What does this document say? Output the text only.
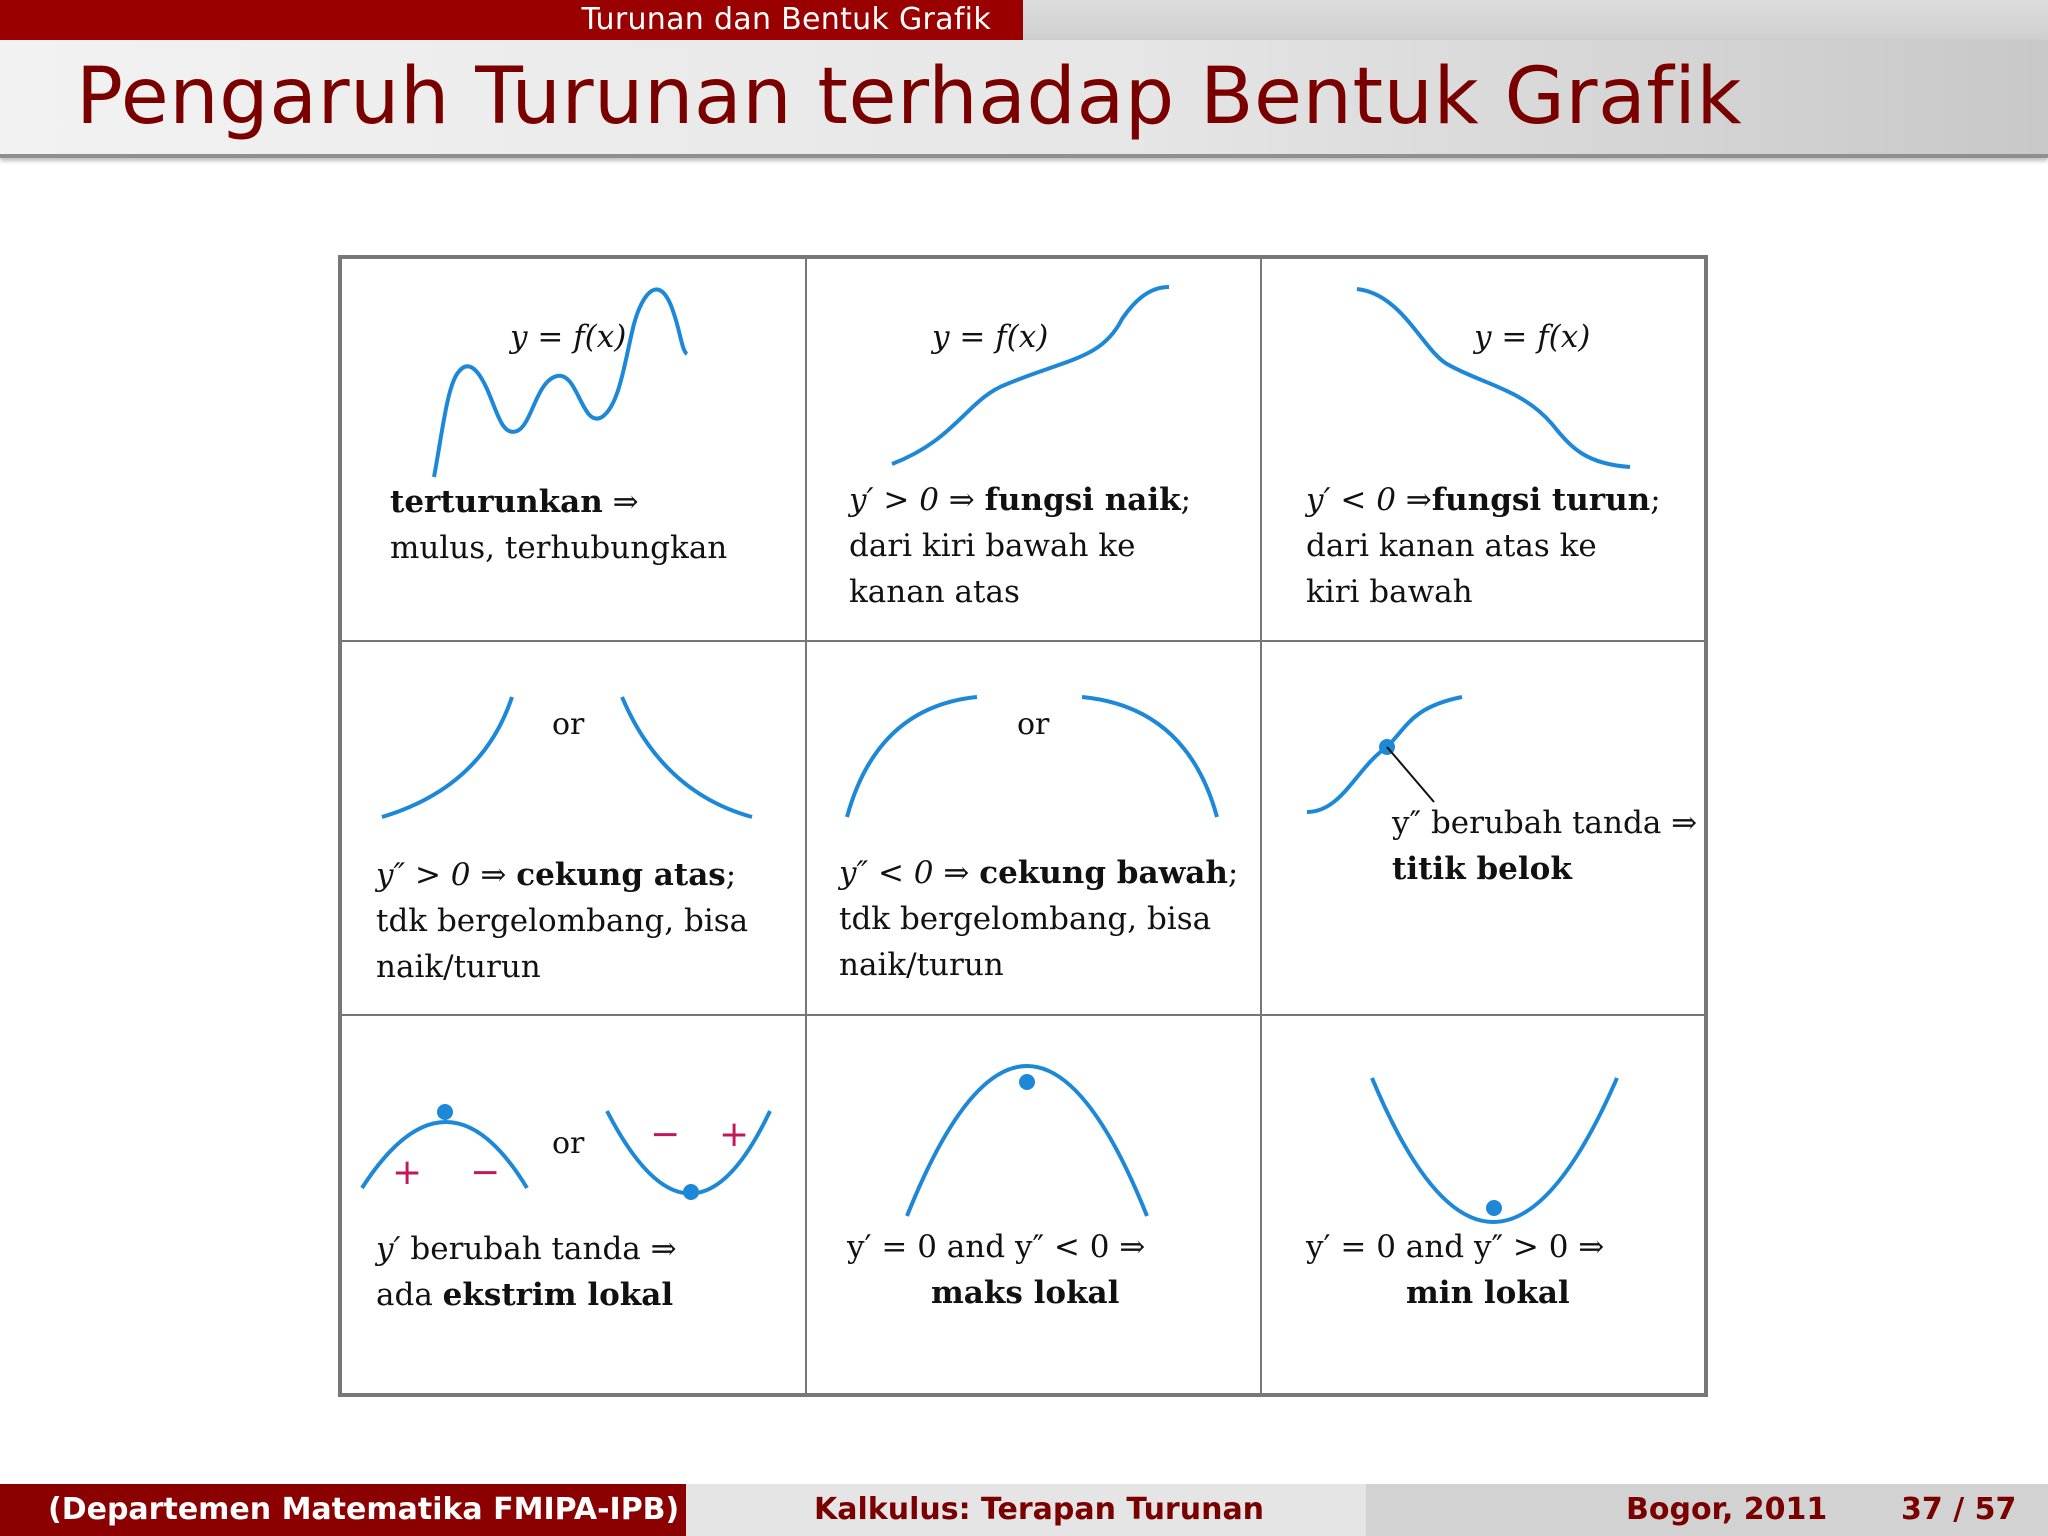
Turunan dan Bentuk Grafik
Pengaruh Turunan terhadap Bentuk Grafik
y = f(x)
terturunkan ⇒
mulus, terhubungkan
y = f(x)
y′ > 0 ⇒ fungsi naik;
dari kiri bawah ke
kanan atas
y = f(x)
y′ < 0 ⇒fungsi turun;
dari kanan atas ke
kiri bawah
or
y″ > 0 ⇒ cekung atas;
tdk bergelombang, bisa
naik/turun
or
y″ < 0 ⇒ cekung bawah;
tdk bergelombang, bisa
naik/turun
y″ berubah tanda ⇒
titik belok
+ −
− +
or
y′ berubah tanda ⇒
ada ekstrim lokal
y′ = 0 and y″ < 0 ⇒
maks lokal
y′ = 0 and y″ > 0 ⇒
min lokal
(Departemen Matematika FMIPA-IPB)	Kalkulus: Terapan Turunan	Bogor, 2011 37 / 57
